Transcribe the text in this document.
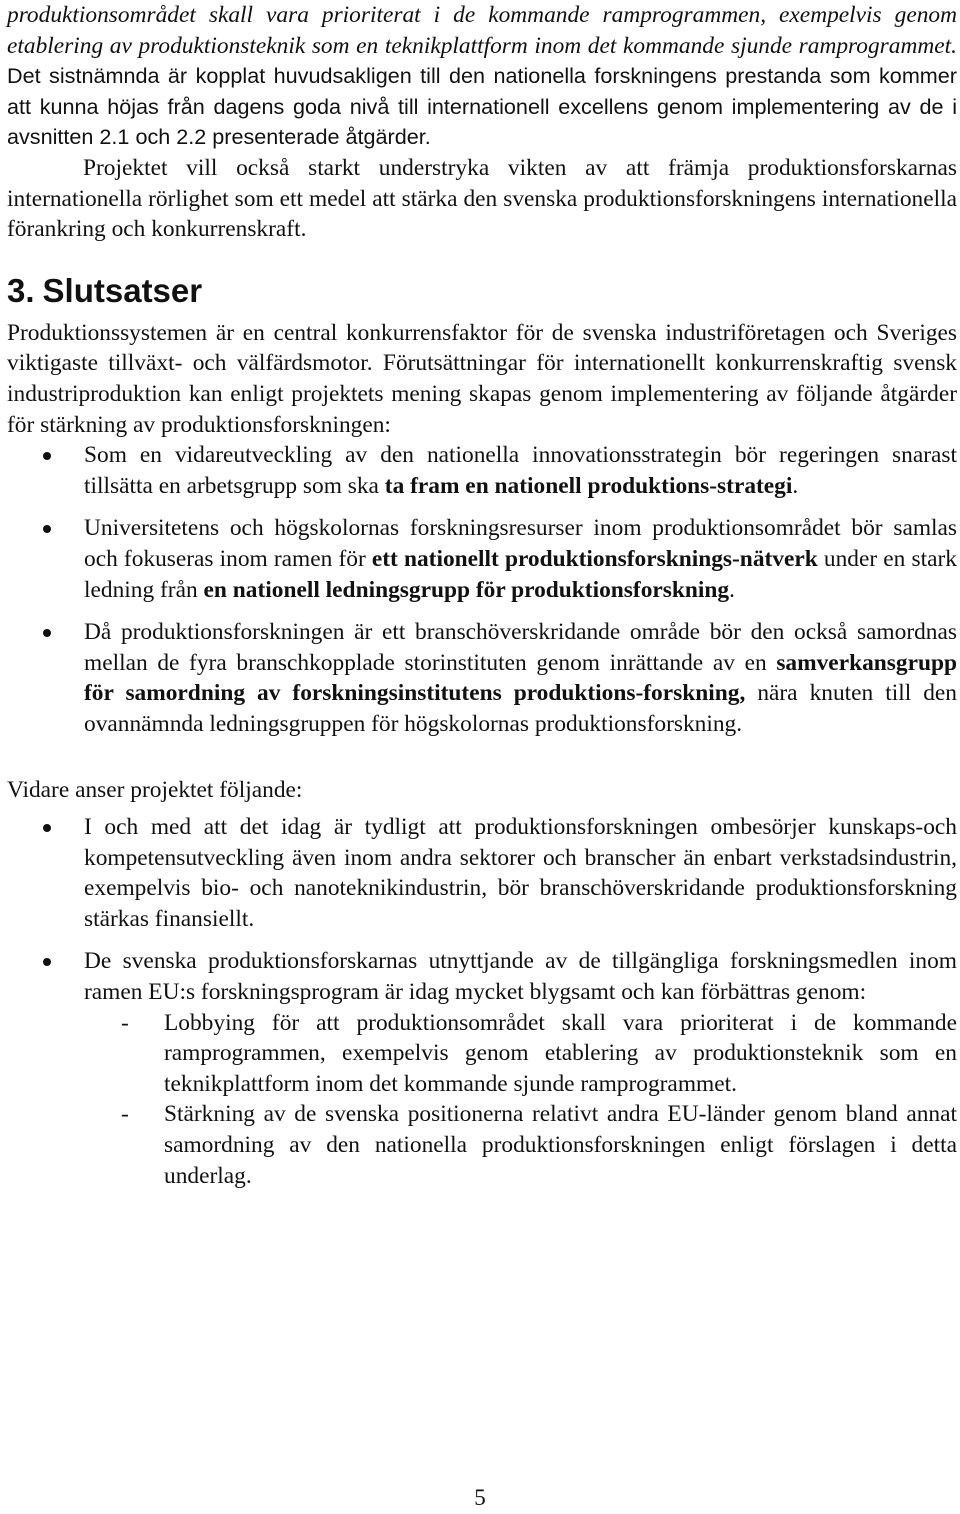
produktionsområdet skall vara prioriterat i de kommande ramprogrammen, exempelvis genom etablering av produktionsteknik som en teknikplattform inom det kommande sjunde ramprogrammet. Det sistnämnda är kopplat huvudsakligen till den nationella forskningens prestanda som kommer att kunna höjas från dagens goda nivå till internationell excellens genom implementering av de i avsnitten 2.1 och 2.2 presenterade åtgärder.
Projektet vill också starkt understryka vikten av att främja produktionsforskarnas internationella rörlighet som ett medel att stärka den svenska produktionsforskningens internationella förankring och konkurrenskraft.

3. Slutsatser

Produktionssystemen är en central konkurrensfaktor för de svenska industriföretagen och Sveriges viktigaste tillväxt- och välfärdsmotor. Förutsättningar för internationellt konkurrenskraftig svensk industriproduktion kan enligt projektets mening skapas genom implementering av följande åtgärder för stärkning av produktionsforskningen:

Som en vidareutveckling av den nationella innovationsstrategin bör regeringen snarast tillsätta en arbetsgrupp som ska ta fram en nationell produktions-strategi.
Universitetens och högskolornas forskningsresurser inom produktionsområdet bör samlas och fokuseras inom ramen för ett nationellt produktionsforsknings-nätverk under en stark ledning från en nationell ledningsgrupp för produktionsforskning.
Då produktionsforskningen är ett branschöverskridande område bör den också samordnas mellan de fyra branschkopplade storinstituten genom inrättande av en samverkansgrupp för samordning av forskningsinstitutens produktions-forskning, nära knuten till den ovannämnda ledningsgruppen för högskolornas produktionsforskning.

Vidare anser projektet följande:

I och med att det idag är tydligt att produktionsforskningen ombesörjer kunskaps-och kompetensutveckling även inom andra sektorer och branscher än enbart verkstadsindustrin, exempelvis bio- och nanoteknikindustrin, bör branschöverskridande produktionsforskning stärkas finansiellt.
De svenska produktionsforskarnas utnyttjande av de tillgängliga forskningsmedlen inom ramen EU:s forskningsprogram är idag mycket blygsamt och kan förbättras genom:
- Lobbying för att produktionsområdet skall vara prioriterat i de kommande ramprogrammen, exempelvis genom etablering av produktionsteknik som en teknikplattform inom det kommande sjunde ramprogrammet.
- Stärkning av de svenska positionerna relativt andra EU-länder genom bland annat samordning av den nationella produktionsforskningen enligt förslagen i detta underlag.
5
